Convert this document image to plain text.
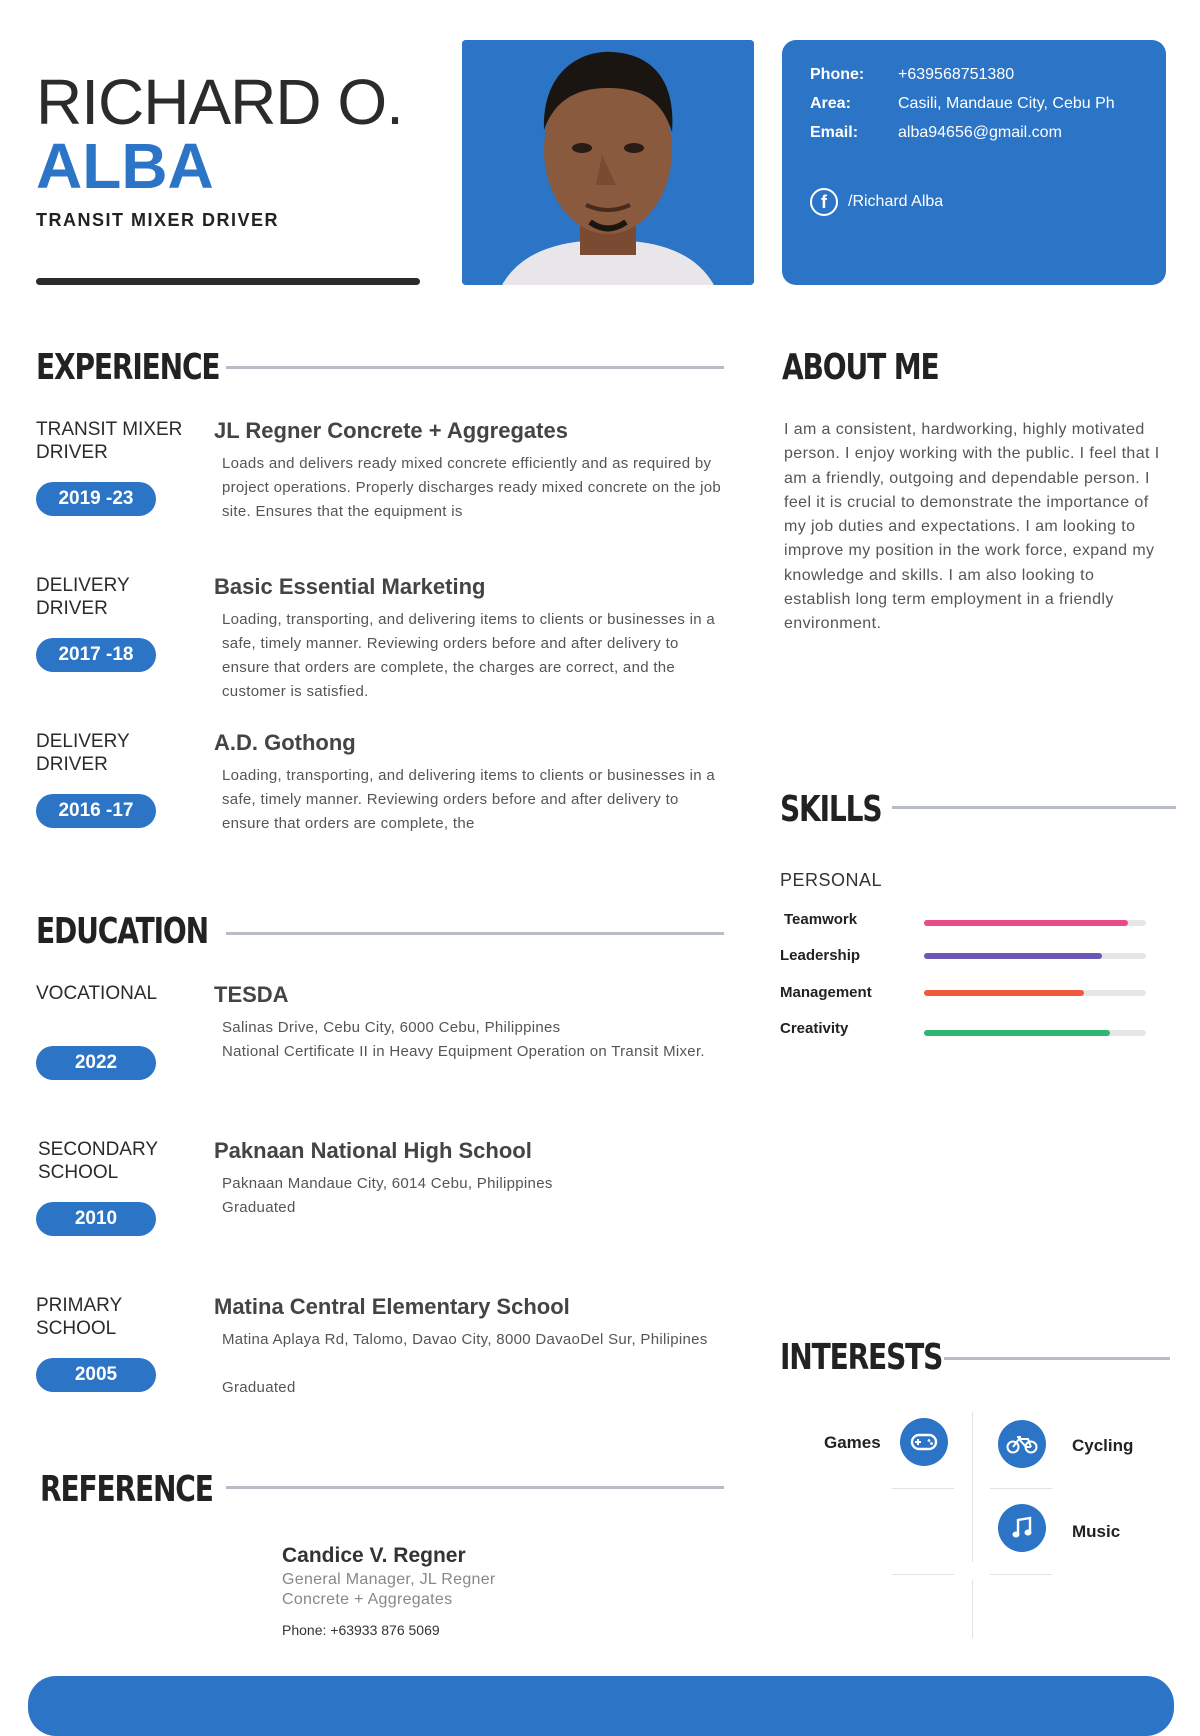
RICHARD O.
ALBA
TRANSIT MIXER DRIVER
Phone: +639568751380
Area:	Casili, Mandaue City, Cebu Ph
Email: alba94656@gmail.com
f	/Richard Alba
EXPERIENCE
TRANSIT MIXER DRIVER
2019 -23
JL Regner Concrete + Aggregates
Loads and delivers ready mixed concrete efficiently and as required by project operations. Properly discharges ready mixed concrete on the job site. Ensures that the equipment is
DELIVERY DRIVER
2017 -18
Basic Essential Marketing
Loading, transporting, and delivering items to clients or businesses in a safe, timely manner. Reviewing orders before and after delivery to ensure that orders are complete, the charges are correct, and the customer is satisfied.
DELIVERY DRIVER
2016 -17
A.D. Gothong
Loading, transporting, and delivering items to clients or businesses in a safe, timely manner. Reviewing orders before and after delivery to ensure that orders are complete, the
EDUCATION
VOCATIONAL
2022
TESDA
Salinas Drive, Cebu City, 6000 Cebu, Philippines
National Certificate II in Heavy Equipment Operation on Transit Mixer.
SECONDARY SCHOOL
2010
Paknaan National High School
Paknaan Mandaue City, 6014 Cebu, Philippines
Graduated
PRIMARY SCHOOL
2005
Matina Central Elementary School
Matina Aplaya Rd, Talomo, Davao City, 8000 DavaoDel Sur, Philipines
Graduated
REFERENCE
Candice V. Regner
General Manager, JL Regner Concrete + Aggregates
Phone: +63933 876 5069
ABOUT ME
I am a consistent, hardworking, highly motivated person. I enjoy working with the public. I feel that I am a friendly, outgoing and dependable person. I feel it is crucial to demonstrate the importance of my job duties and expectations. I am looking to improve my position in the work force, expand my knowledge and skills. I am also looking to establish long term employment in a friendly environment.
SKILLS
PERSONAL
Teamwork
Leadership
Management
Creativity
INTERESTS
Games	Cycling
Music
